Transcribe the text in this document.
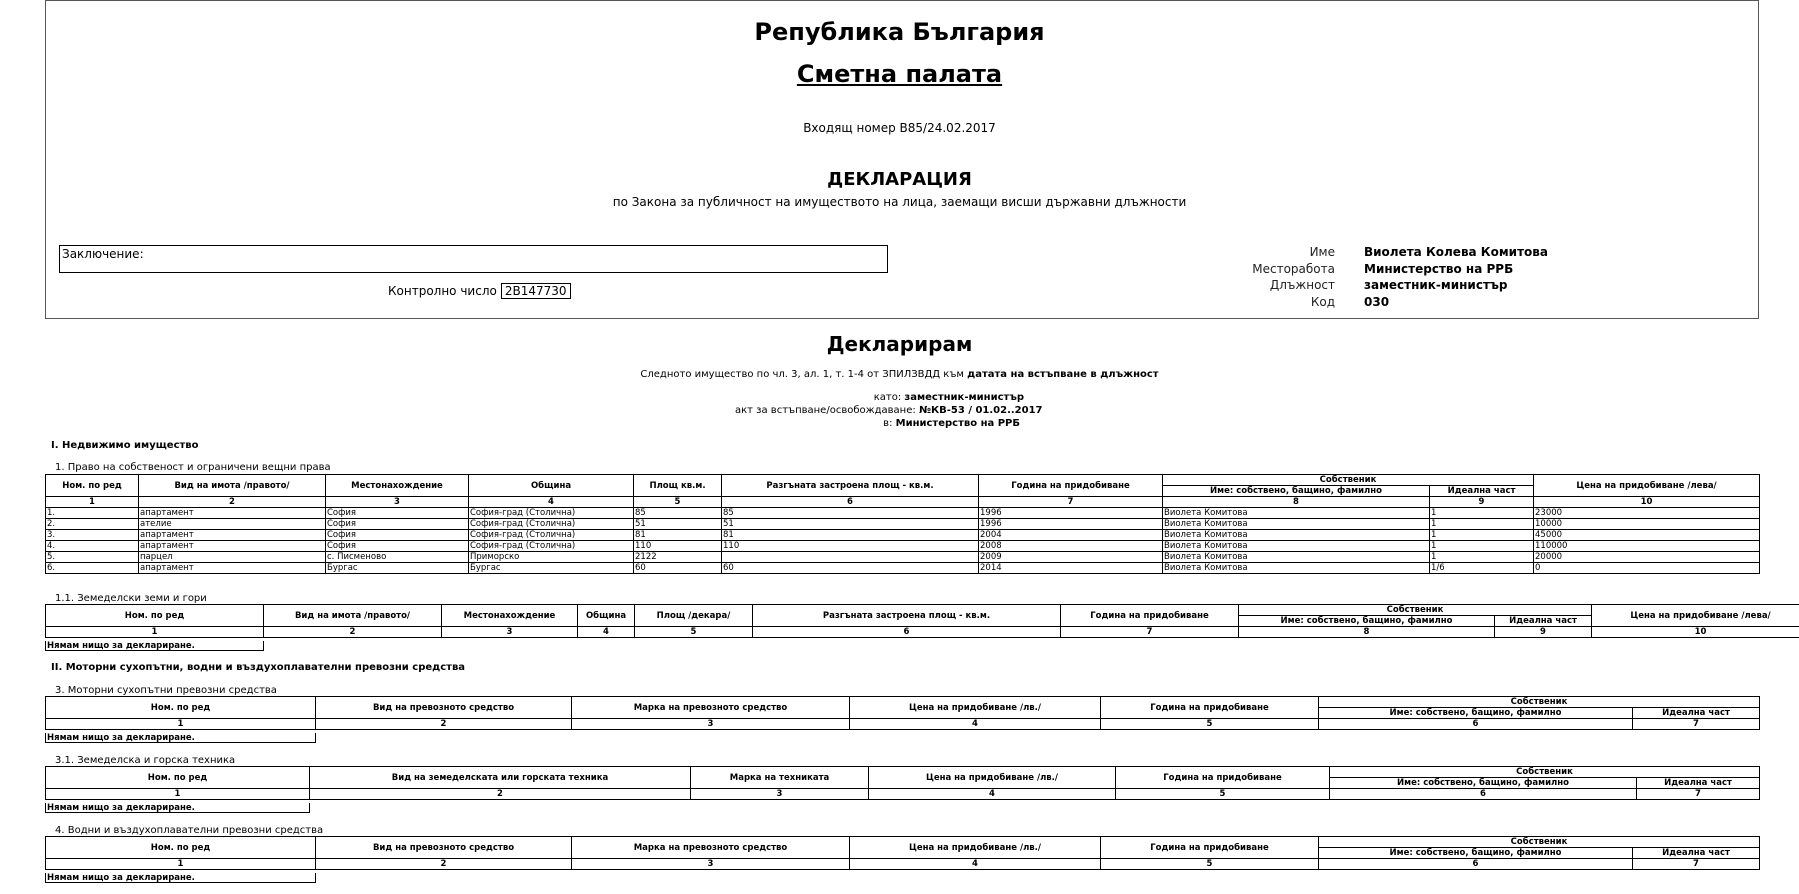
Република България
Сметна палата
Входящ номер В85/24.02.2017
ДЕКЛАРАЦИЯ
по Закона за публичност на имуществото на лица, заемащи висши държавни длъжности
Заключение:
Контролно число 2B147730
Име	Виолета Колева Комитова
Месторабота	Министерство на РРБ
Длъжност	заместник-министър
Код	030
Декларирам
Следното имущество по чл. 3, ал. 1, т. 1-4 от ЗПИЛЗВДД към датата на встъпване в длъжност
като: заместник-министър
акт за встъпване/освобождаване: №КВ-53 / 01.02..2017
в: Министерство на РРБ
I. Недвижимо имущество
1. Право на собственост и ограничени вещни права
Ном. по ред	Вид на имота /правото/	Местонахождение	Община	Площ кв.м.	Разгъната застроена площ - кв.м.	Година на придобиване	Собственик		Цена на придобиване /лева/
							Име: собствено, бащино, фамилно	Идеална част	
1	2	3	4	5	6	7	8	9	10
1.	апартамент	София	София-град (Столична)	85	85	1996	Виолета Комитова	1	23000
2.	ателие	София	София-град (Столична)	51	51	1996	Виолета Комитова	1	10000
3.	апартамент	София	София-град (Столична)	81	81	2004	Виолета Комитова	1	45000
4.	апартамент	София	София-град (Столична)	110	110	2008	Виолета Комитова	1	110000
5.	парцел	с. Писменово	Приморско	2122		2009	Виолета Комитова	1	20000
6.	апартамент	Бургас	Бургас	60	60	2014	Виолета Комитова	1/6	0
1.1. Земеделски земи и гори
Ном. по ред	Вид на имота /правото/	Местонахождение	Община	Площ /декара/	Разгъната застроена площ - кв.м.	Година на придобиване	Собственик		Цена на придобиване /лева/
							Име: собствено, бащино, фамилно	Идеална част	
1	2	3	4	5	6	7	8	9	10
Нямам нищо за деклариране.
II. Моторни сухопътни, водни и въздухоплавателни превозни средства
3. Моторни сухопътни превозни средства
Ном. по ред	Вид на превозното средство	Марка на превозното средство	Цена на придобиване /лв./	Година на придобиване	Собственик	
					Име: собствено, бащино, фамилно	Идеална част
1	2	3	4	5	6	7
Нямам нищо за деклариране.
3.1. Земеделска и горска техника
Ном. по ред	Вид на земеделската или горската техника	Марка на техниката	Цена на придобиване /лв./	Година на придобиване	Собственик	
					Име: собствено, бащино, фамилно	Идеална част
1	2	3	4	5	6	7
Нямам нищо за деклариране.
4. Водни и въздухоплавателни превозни средства
Ном. по ред	Вид на превозното средство	Марка на превозното средство	Цена на придобиване /лв./	Година на придобиване	Собственик	
					Име: собствено, бащино, фамилно	Идеална част
1	2	3	4	5	6	7
Нямам нищо за деклариране.
